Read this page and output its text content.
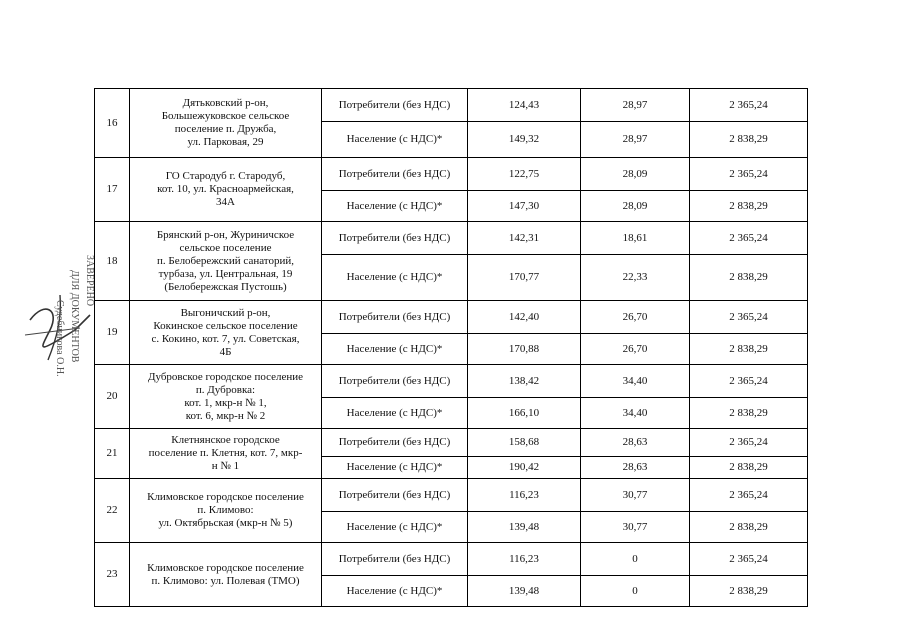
ДЛЯ ДОКУМЕНТОВ
Судебниковa О.Н.
ЗАВЕРЕНО
16	Дятьковский р-он,
Большежуковское сельское
поселение п. Дружба,
ул. Парковая, 29	Потребители (без НДС)	124,43	28,97	2 365,24
		Население (с НДС)*	149,32	28,97	2 838,29
17	ГО Стародуб г. Стародуб,
кот. 10, ул. Красноармейская,
34А	Потребители (без НДС)	122,75	28,09	2 365,24
		Население (с НДС)*	147,30	28,09	2 838,29
18	Брянский р-он, Журиничское
сельское поселение
п. Белобережский санаторий,
турбаза, ул. Центральная, 19
(Белобережская Пустошь)	Потребители (без НДС)	142,31	18,61	2 365,24
		Население (с НДС)*	170,77	22,33	2 838,29
19	Выгоничский р-он,
Кокинское сельское поселение
с. Кокино, кот. 7, ул. Советская,
4Б	Потребители (без НДС)	142,40	26,70	2 365,24
		Население (с НДС)*	170,88	26,70	2 838,29
20	Дубровское городское поселение
п. Дубровка:
кот. 1, мкр-н № 1,
кот. 6, мкр-н № 2	Потребители (без НДС)	138,42	34,40	2 365,24
		Население (с НДС)*	166,10	34,40	2 838,29
21	Клетнянское городское
поселение п. Клетня, кот. 7, мкр-
н № 1	Потребители (без НДС)	158,68	28,63	2 365,24
		Население (с НДС)*	190,42	28,63	2 838,29
22	Климовское городское поселение
п. Климово:
ул. Октябрьская (мкр-н № 5)	Потребители (без НДС)	116,23	30,77	2 365,24
		Население (с НДС)*	139,48	30,77	2 838,29
23	Климовское городское поселение
п. Климово: ул. Полевая (ТМО)	Потребители (без НДС)	116,23	0	2 365,24
		Население (с НДС)*	139,48	0	2 838,29
